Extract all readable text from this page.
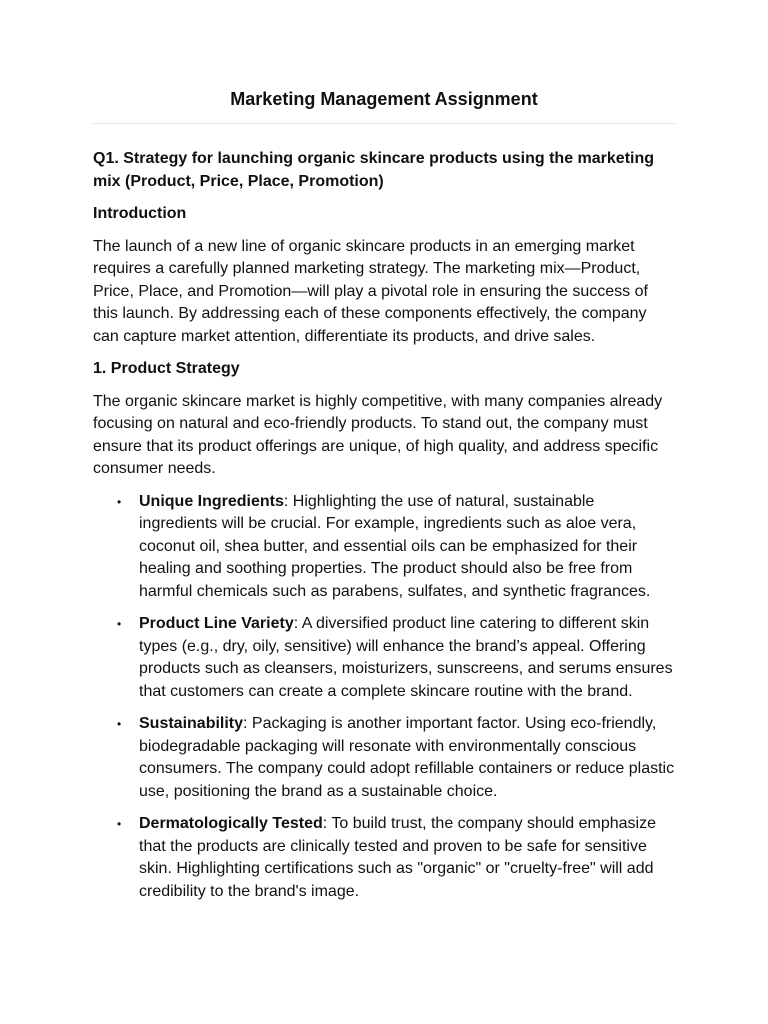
Marketing Management Assignment

Q1. Strategy for launching organic skincare products using the marketing mix (Product, Price, Place, Promotion)

Introduction

The launch of a new line of organic skincare products in an emerging market requires a carefully planned marketing strategy. The marketing mix—Product, Price, Place, and Promotion—will play a pivotal role in ensuring the success of this launch. By addressing each of these components effectively, the company can capture market attention, differentiate its products, and drive sales.

1. Product Strategy

The organic skincare market is highly competitive, with many companies already focusing on natural and eco-friendly products. To stand out, the company must ensure that its product offerings are unique, of high quality, and address specific consumer needs.

• Unique Ingredients: Highlighting the use of natural, sustainable ingredients will be crucial. For example, ingredients such as aloe vera, coconut oil, shea butter, and essential oils can be emphasized for their healing and soothing properties. The product should also be free from harmful chemicals such as parabens, sulfates, and synthetic fragrances.
• Product Line Variety: A diversified product line catering to different skin types (e.g., dry, oily, sensitive) will enhance the brand’s appeal. Offering products such as cleansers, moisturizers, sunscreens, and serums ensures that customers can create a complete skincare routine with the brand.
• Sustainability: Packaging is another important factor. Using eco-friendly, biodegradable packaging will resonate with environmentally conscious consumers. The company could adopt refillable containers or reduce plastic use, positioning the brand as a sustainable choice.
• Dermatologically Tested: To build trust, the company should emphasize that the products are clinically tested and proven to be safe for sensitive skin. Highlighting certifications such as "organic" or "cruelty-free" will add credibility to the brand's image.
